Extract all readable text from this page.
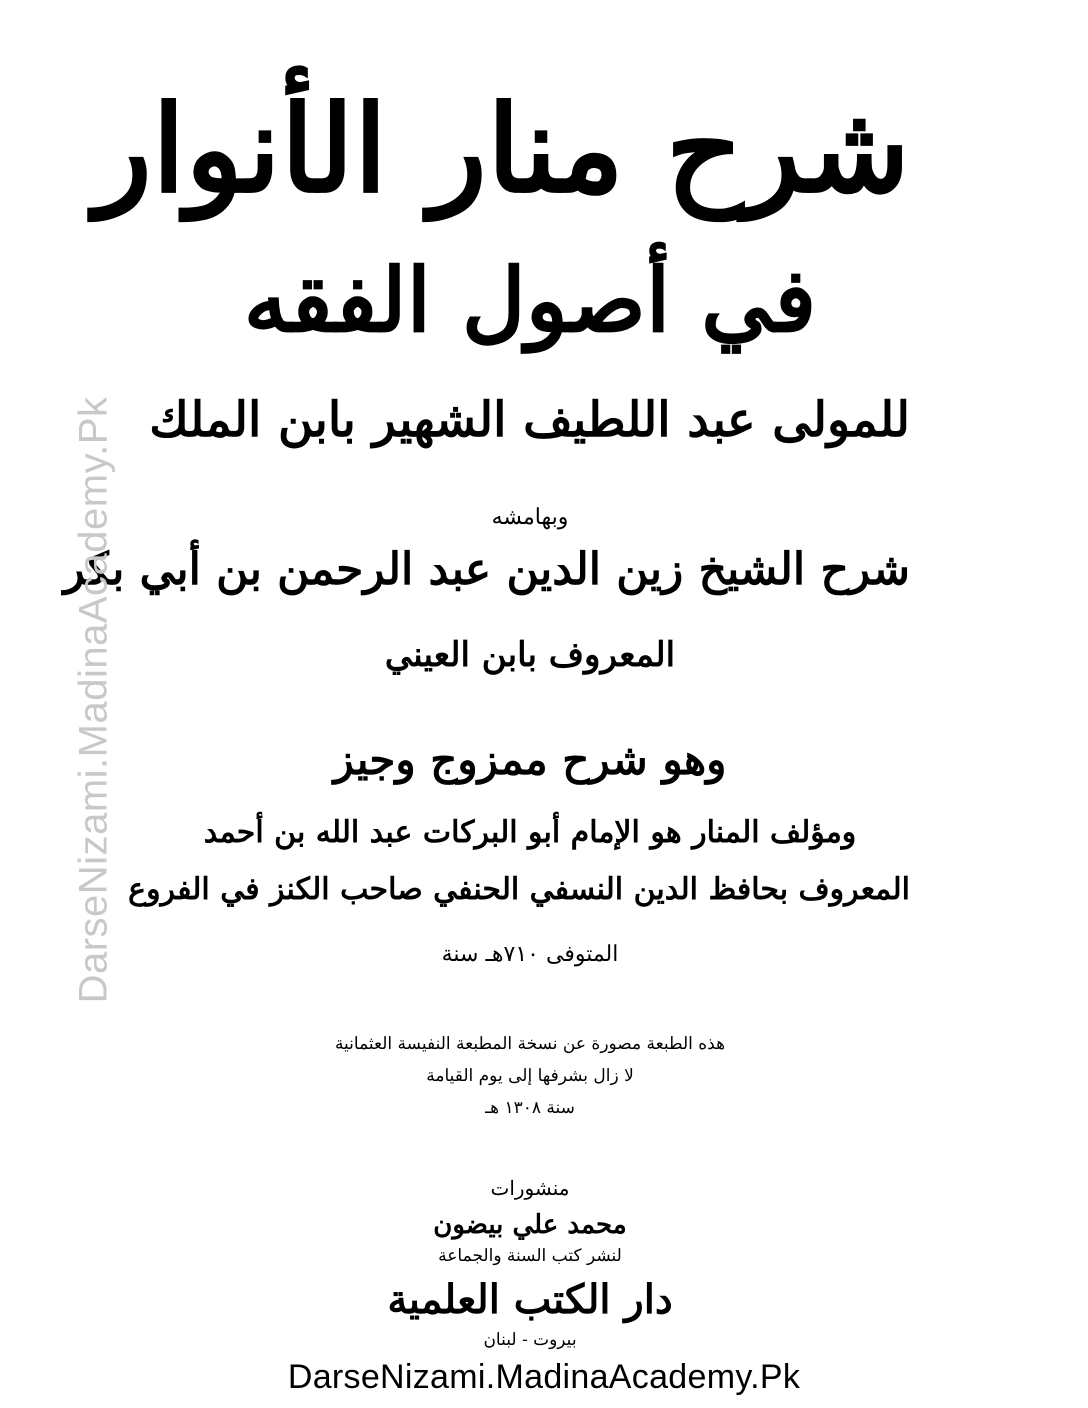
شرح منار الأنوار
في أصول الفقه
للمولى عبد اللطيف الشهير بابن الملك
وبهامشه
شرح الشيخ زين الدين عبد الرحمن بن أبي بكر
المعروف بابن العيني
وهو شرح ممزوج وجيز
ومؤلف المنار هو الإمام أبو البركات عبد الله بن أحمد
المعروف بحافظ الدين النسفي الحنفي صاحب الكنز في الفروع
المتوفى ٧١٠هـ سنة
هذه الطبعة مصورة عن نسخة المطبعة النفيسة العثمانية
لا زال بشرفها إلى يوم القيامة
سنة ١٣٠٨ هـ
منشورات
محمد علي بيضون
لنشر كتب السنة والجماعة
دار الكتب العلمية
بيروت - لبنان
DarseNizami.MadinaAcademy.Pk
DarseNizami.MadinaAcademy.Pk
